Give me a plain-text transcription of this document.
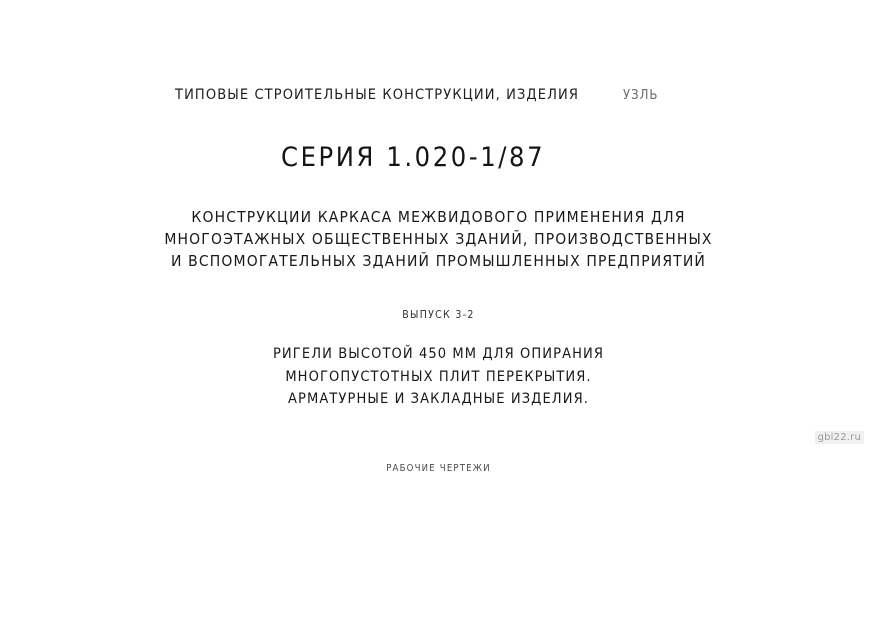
ТИПОВЫЕ СТРОИТЕЛЬНЫЕ КОНСТРУКЦИИ, ИЗДЕЛИЯ	УЗЛЬ
СЕРИЯ 1.020-1/87
КОНСТРУКЦИИ КАРКАСА МЕЖВИДОВОГО ПРИМЕНЕНИЯ ДЛЯ
МНОГОЭТАЖНЫХ ОБЩЕСТВЕННЫХ ЗДАНИЙ, ПРОИЗВОДСТВЕННЫХ
И ВСПОМОГАТЕЛЬНЫХ ЗДАНИЙ ПРОМЫШЛЕННЫХ ПРЕДПРИЯТИЙ
ВЫПУСК 3-2
РИГЕЛИ ВЫСОТОЙ 450 ММ ДЛЯ ОПИРАНИЯ
МНОГОПУСТОТНЫХ ПЛИТ ПЕРЕКРЫТИЯ.
АРМАТУРНЫЕ И ЗАКЛАДНЫЕ ИЗДЕЛИЯ.
РАБОЧИЕ ЧЕРТЕЖИ
gbi22.ru
